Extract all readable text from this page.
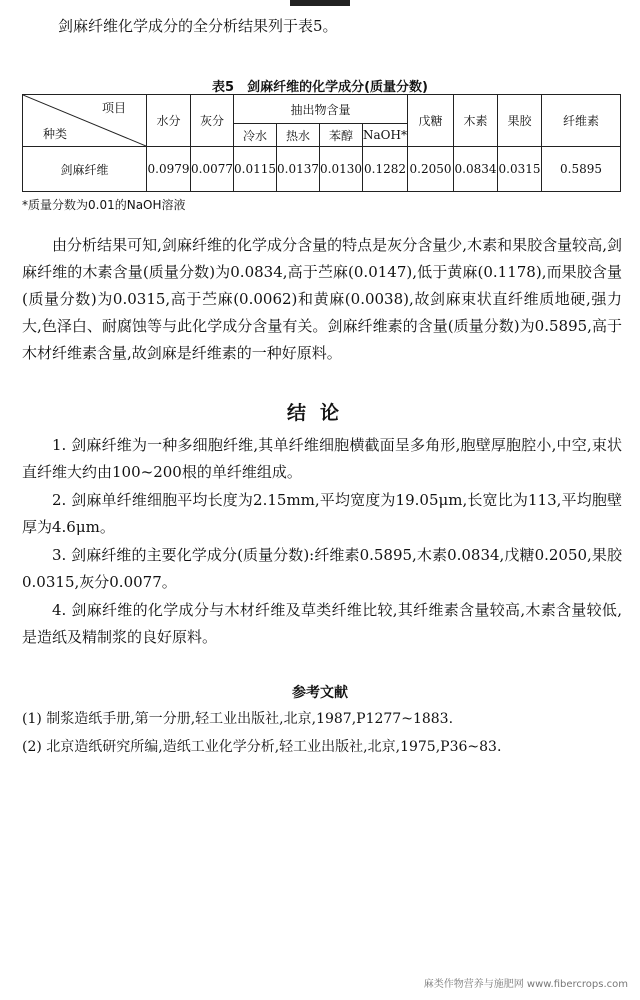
剑麻纤维化学成分的全分析结果列于表5。

表5　剑麻纤维的化学成分(质量分数)
项目
种类	水分	灰分	抽出物含量				戊糖	木素	果胶	纤维素
			冷水	热水	苯醇	NaOH*				
剑麻纤维	0.0979	0.0077	0.0115	0.0137	0.0130	0.1282	0.2050	0.0834	0.0315	0.5895
*质量分数为0.01的NaOH溶液

由分析结果可知,剑麻纤维的化学成分含量的特点是灰分含量少,木素和果胶含量较高,剑麻纤维的木素含量(质量分数)为0.0834,高于苎麻(0.0147),低于黄麻(0.1178),而果胶含量(质量分数)为0.0315,高于苎麻(0.0062)和黄麻(0.0038),故剑麻束状直纤维质地硬,强力大,色泽白、耐腐蚀等与此化学成分含量有关。剑麻纤维素的含量(质量分数)为0.5895,高于木材纤维素含量,故剑麻是纤维素的一种好原料。

结论

1. 剑麻纤维为一种多细胞纤维,其单纤维细胞横截面呈多角形,胞壁厚胞腔小,中空,束状直纤维大约由100~200根的单纤维组成。

2. 剑麻单纤维细胞平均长度为2.15mm,平均宽度为19.05μm,长宽比为113,平均胞壁厚为4.6μm。

3. 剑麻纤维的主要化学成分(质量分数):纤维素0.5895,木素0.0834,戊糖0.2050,果胶0.0315,灰分0.0077。

4. 剑麻纤维的化学成分与木材纤维及草类纤维比较,其纤维素含量较高,木素含量较低,是造纸及精制浆的良好原料。

参考文献
(1) 制浆造纸手册,第一分册,轻工业出版社,北京,1987,P1277~1883.
(2) 北京造纸研究所编,造纸工业化学分析,轻工业出版社,北京,1975,P36~83.
麻类作物营养与施肥网 www.fibercrops.com
